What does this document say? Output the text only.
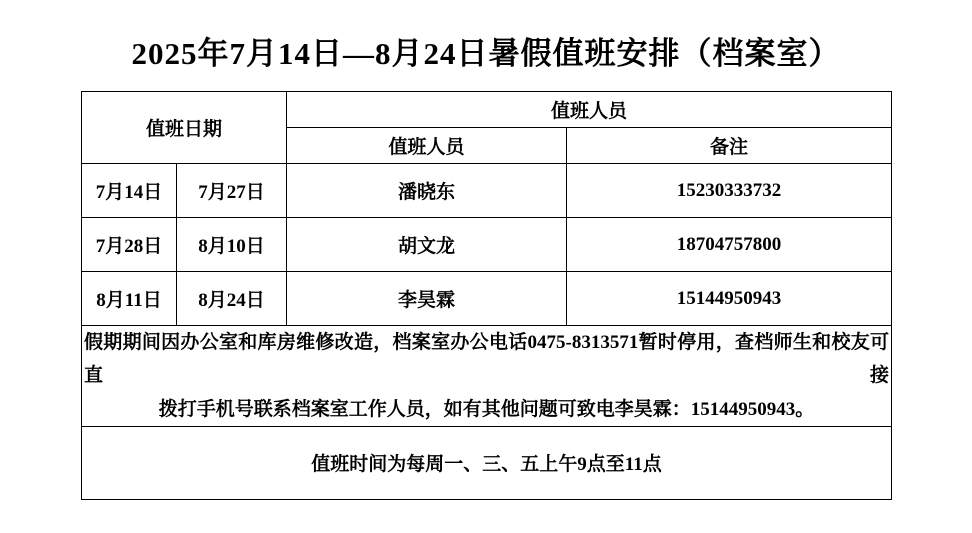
2025年7月14日—8月24日暑假值班安排（档案室）
值班日期		值班人员	
		值班人员	备注
7月14日	7月27日	潘晓东	15230333732
7月28日	8月10日	胡文龙	18704757800
8月11日	8月24日	李昊霖	15144950943

假期期间因办公室和库房维修改造，档案室办公电话0475-8313571暂时停用，查档师生和校友可直接
拨打手机号联系档案室工作人员，如有其他问题可致电李昊霖：15144950943。			

值班时间为每周一、三、五上午9点至11点			
